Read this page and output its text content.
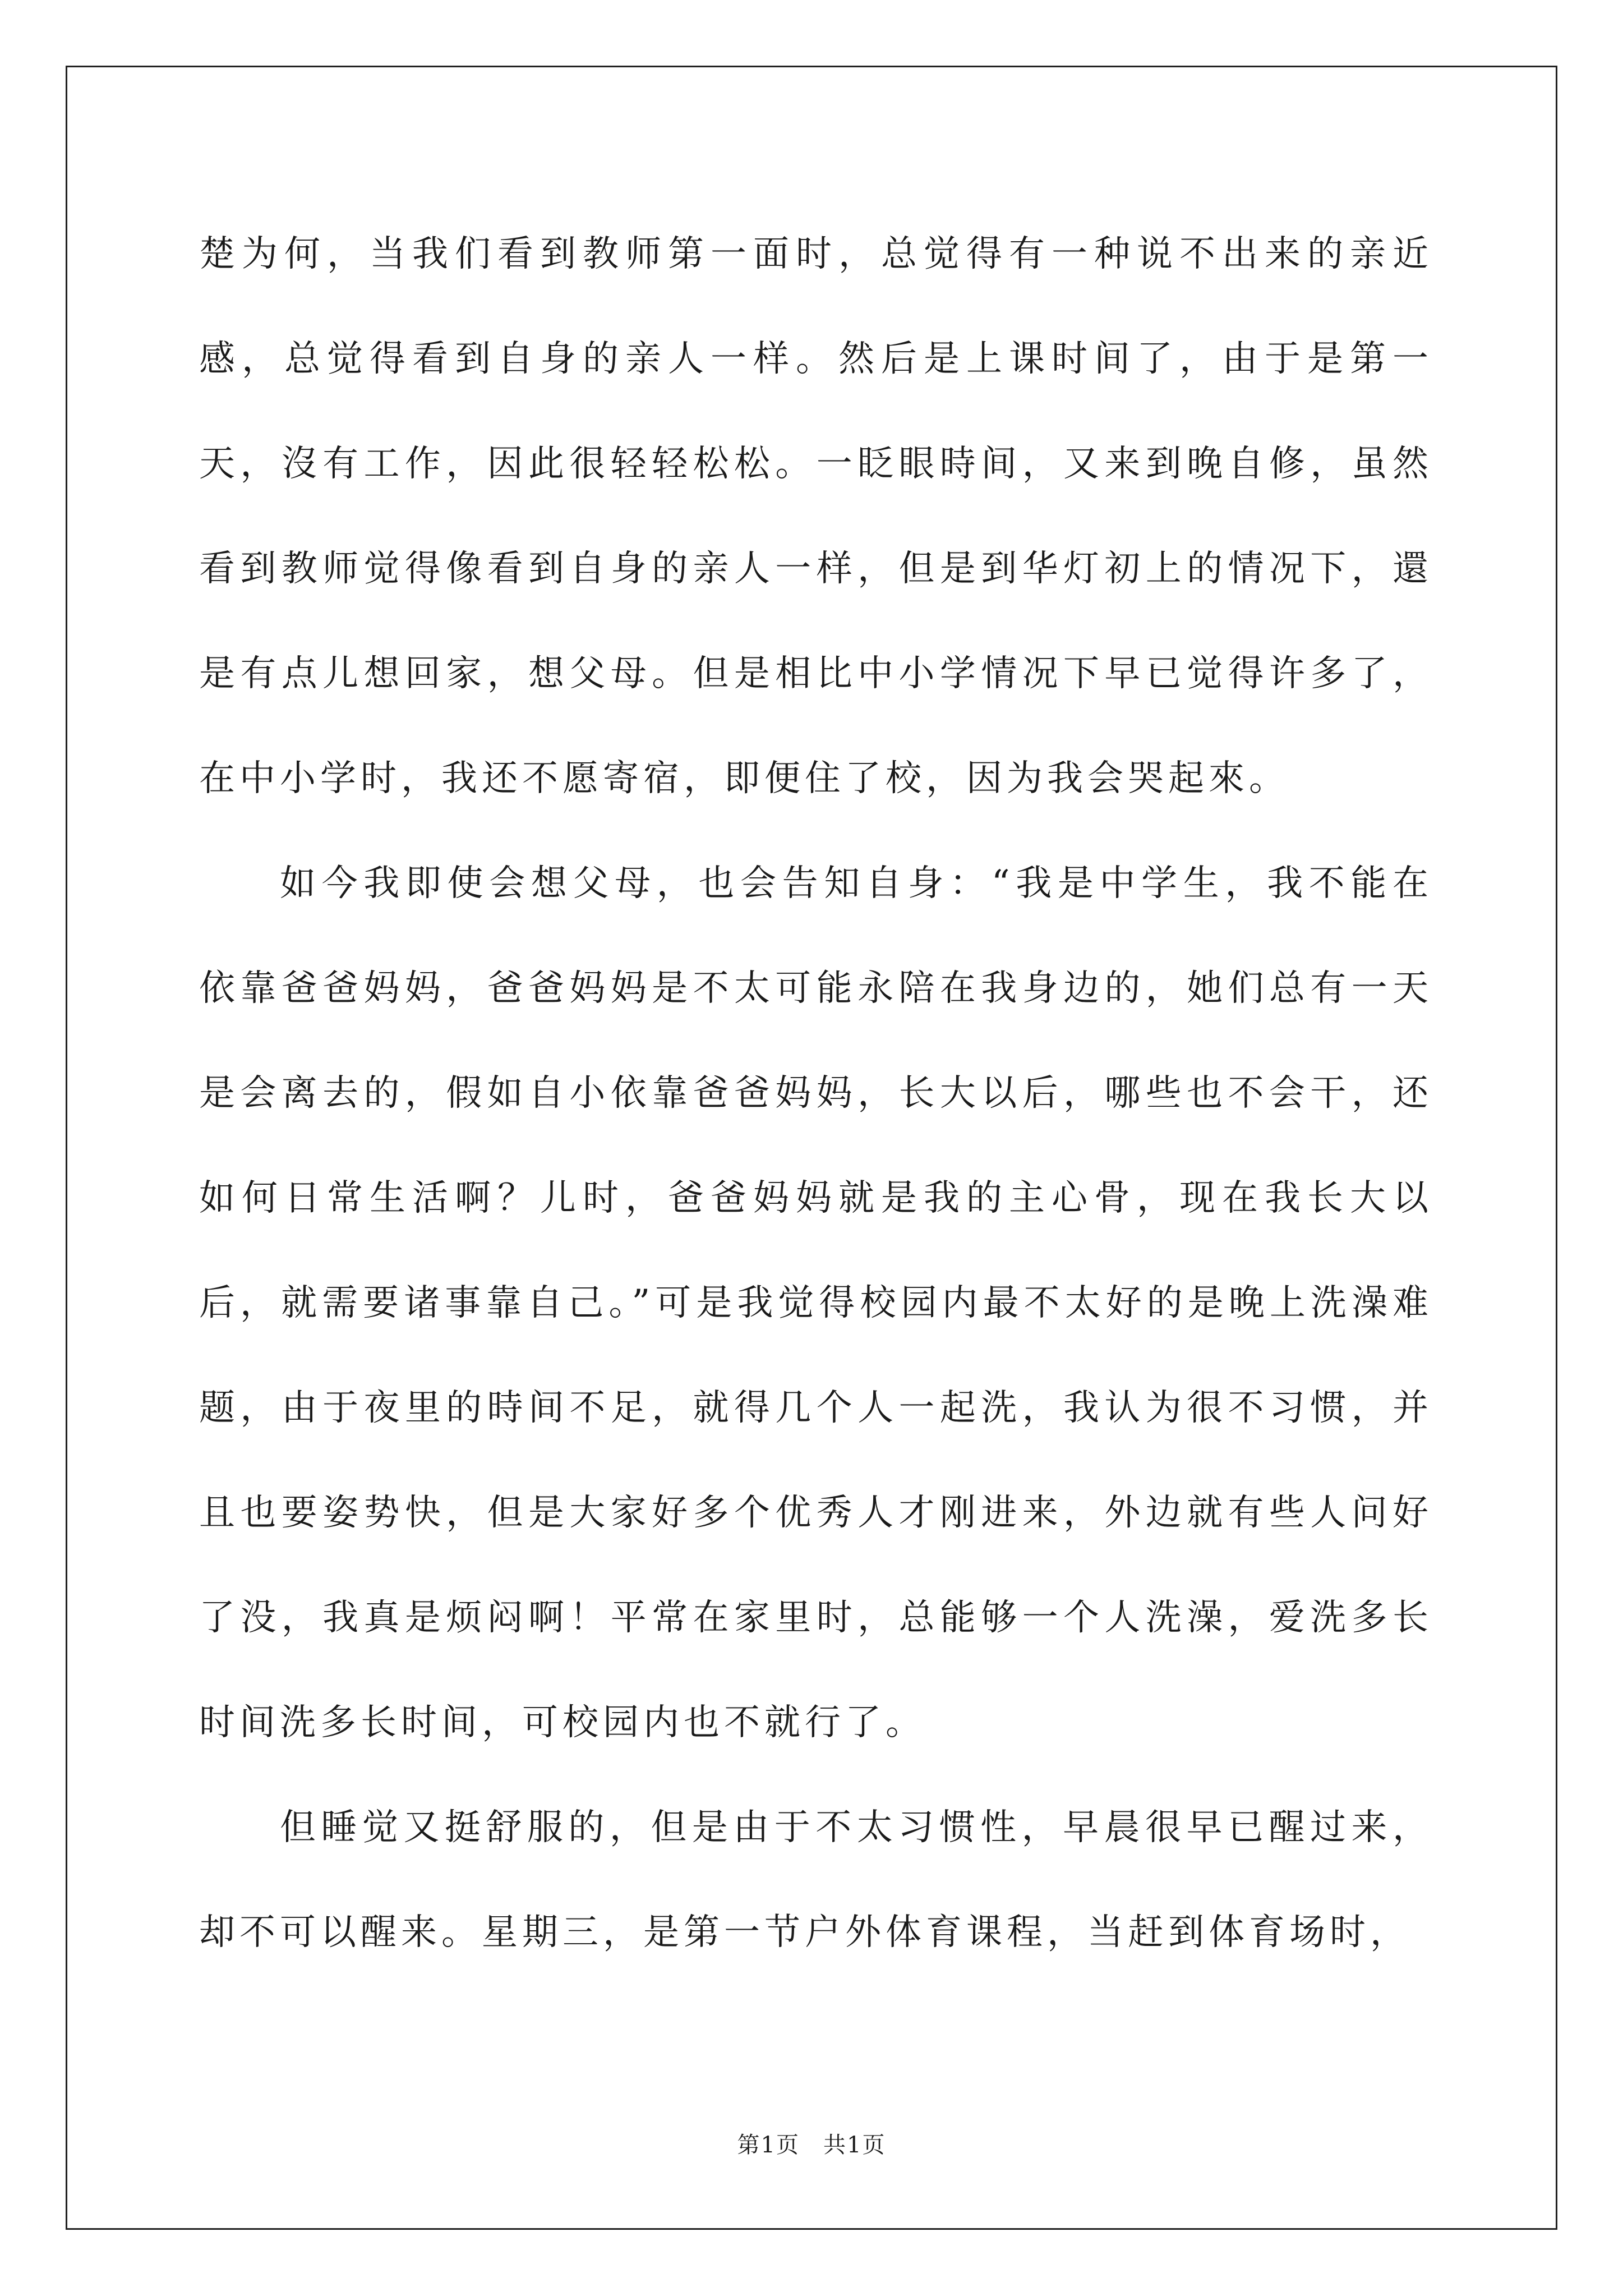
楚为何，当我们看到教师第一面时，总觉得有一种说不出来的亲近感，总觉得看到自身的亲人一样。然后是上课时间了，由于是第一天，沒有工作，因此很轻轻松松。一眨眼時间，又来到晚自修，虽然看到教师觉得像看到自身的亲人一样，但是到华灯初上的情况下，還是有点儿想回家，想父母。但是相比中小学情况下早已觉得许多了，在中小学时，我还不愿寄宿，即便住了校，因为我会哭起來。

如今我即使会想父母，也会告知自身：“我是中学生，我不能在依靠爸爸妈妈，爸爸妈妈是不太可能永陪在我身边的，她们总有一天是会离去的，假如自小依靠爸爸妈妈，长大以后，哪些也不会干，还如何日常生活啊？儿时，爸爸妈妈就是我的主心骨，现在我长大以后，就需要诸事靠自己。”可是我觉得校园内最不太好的是晚上洗澡难题，由于夜里的時间不足，就得几个人一起洗，我认为很不习惯，并且也要姿势快，但是大家好多个优秀人才刚进来，外边就有些人问好了没，我真是烦闷啊！平常在家里时，总能够一个人洗澡，爱洗多长时间洗多长时间，可校园内也不就行了。

但睡觉又挺舒服的，但是由于不太习惯性，早晨很早已醒过来，却不可以醒来。星期三，是第一节户外体育课程，当赶到体育场时，

第1页　共1页
